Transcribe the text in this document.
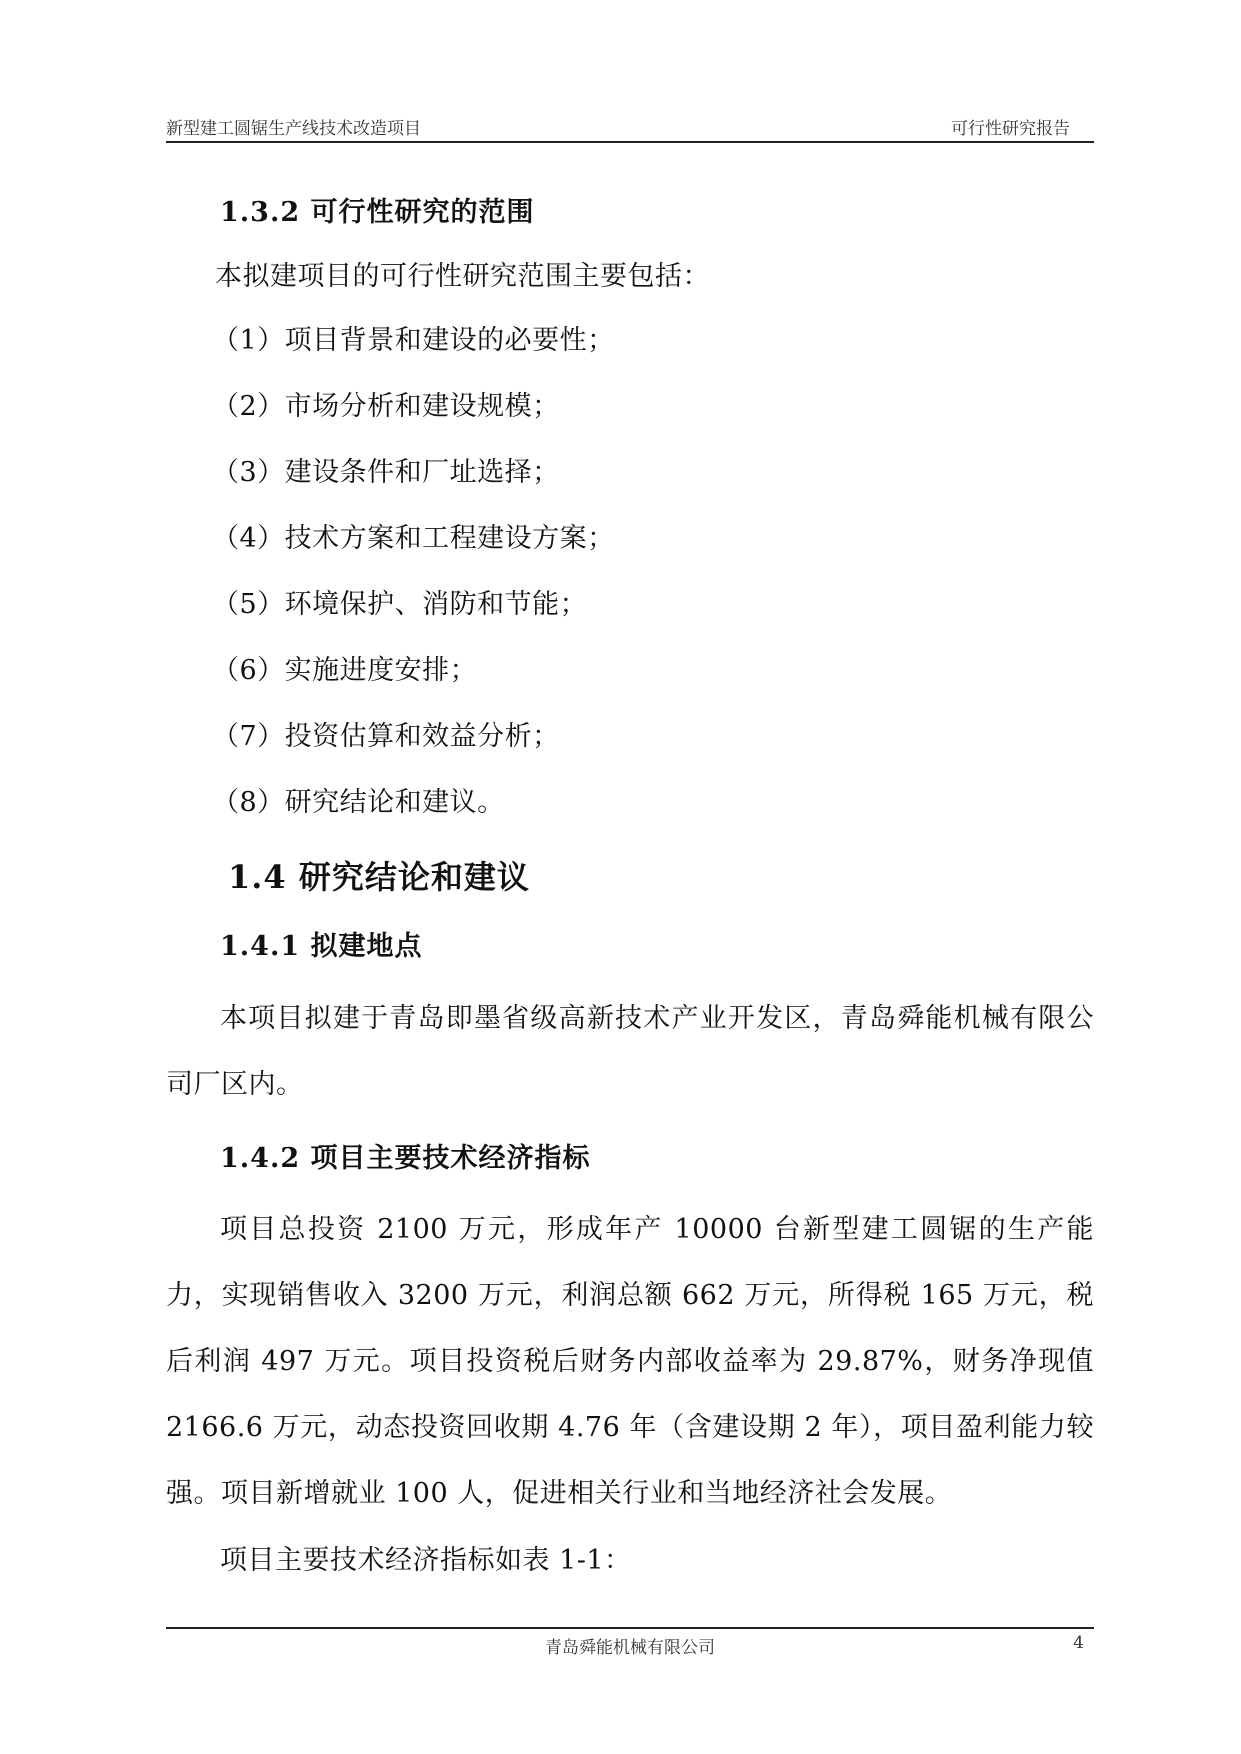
新型建工圆锯生产线技术改造项目	可行性研究报告
1.3.2 可行性研究的范围
本拟建项目的可行性研究范围主要包括：
（1）项目背景和建设的必要性；
（2）市场分析和建设规模；
（3）建设条件和厂址选择；
（4）技术方案和工程建设方案；
（5）环境保护、消防和节能；
（6）实施进度安排；
（7）投资估算和效益分析；
（8）研究结论和建议。
1.4 研究结论和建议
1.4.1 拟建地点
本项目拟建于青岛即墨省级高新技术产业开发区，青岛舜能机械有限公司厂区内。
1.4.2 项目主要技术经济指标
项目总投资 2100 万元，形成年产 10000 台新型建工圆锯的生产能力，实现销售收入 3200 万元，利润总额 662 万元，所得税 165 万元，税后利润 497 万元。项目投资税后财务内部收益率为 29.87%，财务净现值 2166.6 万元，动态投资回收期 4.76 年（含建设期 2 年），项目盈利能力较强。项目新增就业 100 人，促进相关行业和当地经济社会发展。
项目主要技术经济指标如表 1-1：
青岛舜能机械有限公司	4
